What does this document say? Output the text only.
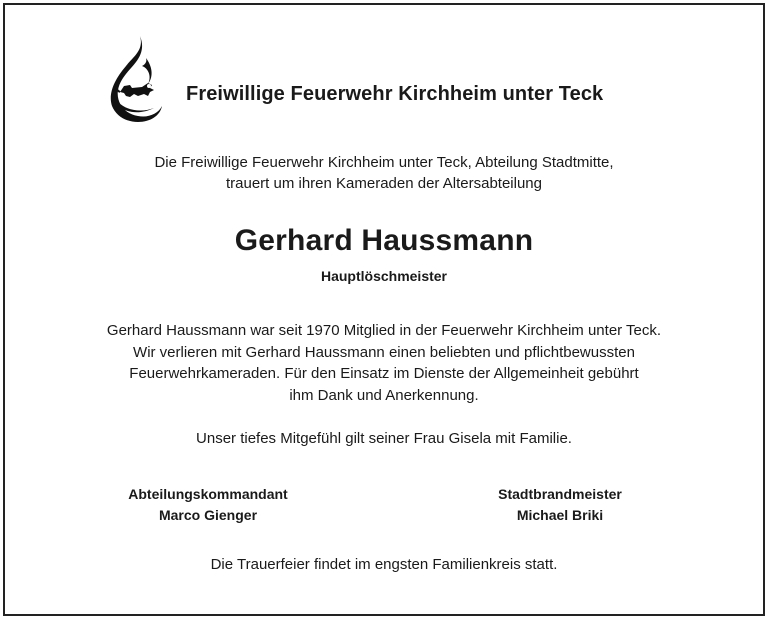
Freiwillige Feuerwehr Kirchheim unter Teck
Die Freiwillige Feuerwehr Kirchheim unter Teck, Abteilung Stadtmitte,
trauert um ihren Kameraden der Altersabteilung
Gerhard Haussmann
Hauptlöschmeister
Gerhard Haussmann war seit 1970 Mitglied in der Feuerwehr Kirchheim unter Teck.
Wir verlieren mit Gerhard Haussmann einen beliebten und pflichtbewussten
Feuerwehrkameraden. Für den Einsatz im Dienste der Allgemeinheit gebührt
ihm Dank und Anerkennung.
Unser tiefes Mitgefühl gilt seiner Frau Gisela mit Familie.
Abteilungskommandant
Marco Gienger
Stadtbrandmeister
Michael Briki
Die Trauerfeier findet im engsten Familienkreis statt.
